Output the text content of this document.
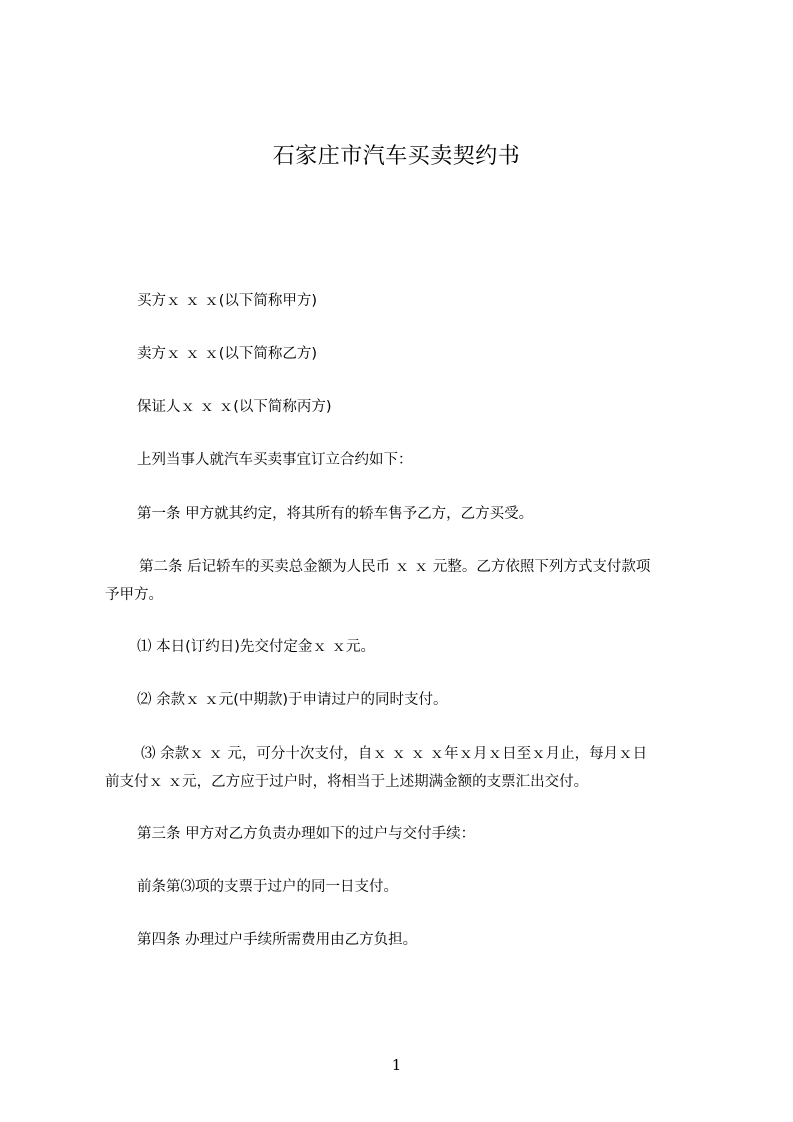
石家庄市汽车买卖契约书
买方ｘ ｘ ｘ(以下简称甲方)
卖方ｘ ｘ ｘ(以下简称乙方)
保证人ｘ ｘ ｘ(以下简称丙方)
上列当事人就汽车买卖事宜订立合约如下：
第一条 甲方就其约定，将其所有的轿车售予乙方，乙方买受。
第二条 后记轿车的买卖总金额为人民币 ｘ ｘ 元整。乙方依照下列方式支付款项
予甲方。
⑴ 本日(订约日)先交付定金ｘ ｘ元。
⑵ 余款ｘ ｘ元(中期款)于申请过户的同时支付。
⑶ 余款ｘ ｘ 元，可分十次支付，自ｘ ｘ ｘ ｘ年ｘ月ｘ日至ｘ月止，每月ｘ日
前支付ｘ ｘ元，乙方应于过户时，将相当于上述期满金额的支票汇出交付。
第三条 甲方对乙方负责办理如下的过户与交付手续：
前条第⑶项的支票于过户的同一日支付。
第四条 办理过户手续所需费用由乙方负担。
1
